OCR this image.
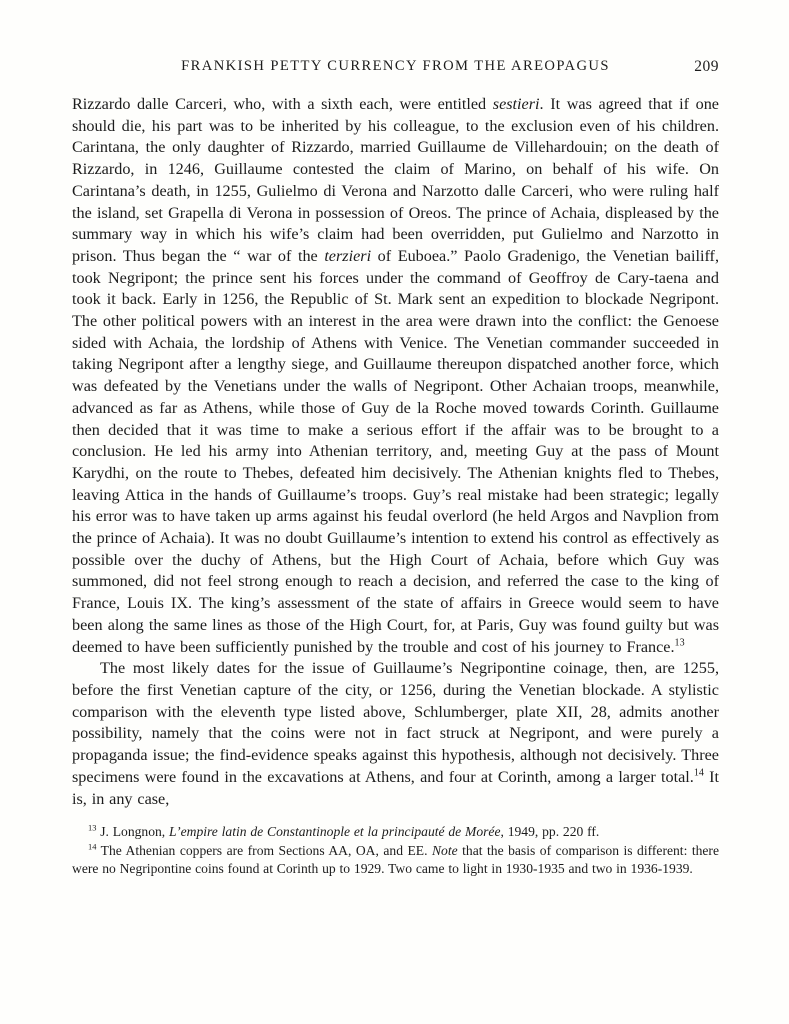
FRANKISH PETTY CURRENCY FROM THE AREOPAGUS	209

Rizzardo dalle Carceri, who, with a sixth each, were entitled sestieri. It was agreed that if one should die, his part was to be inherited by his colleague, to the exclusion even of his children. Carintana, the only daughter of Rizzardo, married Guillaume de Villehardouin; on the death of Rizzardo, in 1246, Guillaume contested the claim of Marino, on behalf of his wife. On Carintana’s death, in 1255, Gulielmo di Verona and Narzotto dalle Carceri, who were ruling half the island, set Grapella di Verona in possession of Oreos. The prince of Achaia, displeased by the summary way in which his wife’s claim had been overridden, put Gulielmo and Narzotto in prison. Thus began the “ war of the terzieri of Euboea.” Paolo Gradenigo, the Venetian bailiff, took Negripont; the prince sent his forces under the command of Geoffroy de Cary-taena and took it back. Early in 1256, the Republic of St. Mark sent an expedition to blockade Negripont. The other political powers with an interest in the area were drawn into the conflict: the Genoese sided with Achaia, the lordship of Athens with Venice. The Venetian commander succeeded in taking Negripont after a lengthy siege, and Guillaume thereupon dispatched another force, which was defeated by the Venetians under the walls of Negripont. Other Achaian troops, meanwhile, advanced as far as Athens, while those of Guy de la Roche moved towards Corinth. Guillaume then decided that it was time to make a serious effort if the affair was to be brought to a conclusion. He led his army into Athenian territory, and, meeting Guy at the pass of Mount Karydhi, on the route to Thebes, defeated him decisively. The Athenian knights fled to Thebes, leaving Attica in the hands of Guillaume’s troops. Guy’s real mistake had been strategic; legally his error was to have taken up arms against his feudal overlord (he held Argos and Navplion from the prince of Achaia). It was no doubt Guillaume’s intention to extend his control as effectively as possible over the duchy of Athens, but the High Court of Achaia, before which Guy was summoned, did not feel strong enough to reach a decision, and referred the case to the king of France, Louis IX. The king’s assessment of the state of affairs in Greece would seem to have been along the same lines as those of the High Court, for, at Paris, Guy was found guilty but was deemed to have been sufficiently punished by the trouble and cost of his journey to France.$^{13}$

The most likely dates for the issue of Guillaume’s Negripontine coinage, then, are 1255, before the first Venetian capture of the city, or 1256, during the Venetian blockade. A stylistic comparison with the eleventh type listed above, Schlumberger, plate XII, 28, admits another possibility, namely that the coins were not in fact struck at Negripont, and were purely a propaganda issue; the find-evidence speaks against this hypothesis, although not decisively. Three specimens were found in the excavations at Athens, and four at Corinth, among a larger total.$^{14}$ It is, in any case,

$^{13}$ J. Longnon, L’empire latin de Constantinople et la principauté de Morée, 1949, pp. 220 ff.

$^{14}$ The Athenian coppers are from Sections AA, OA, and EE. Note that the basis of comparison is different: there were no Negripontine coins found at Corinth up to 1929. Two came to light in 1930-1935 and two in 1936-1939.
